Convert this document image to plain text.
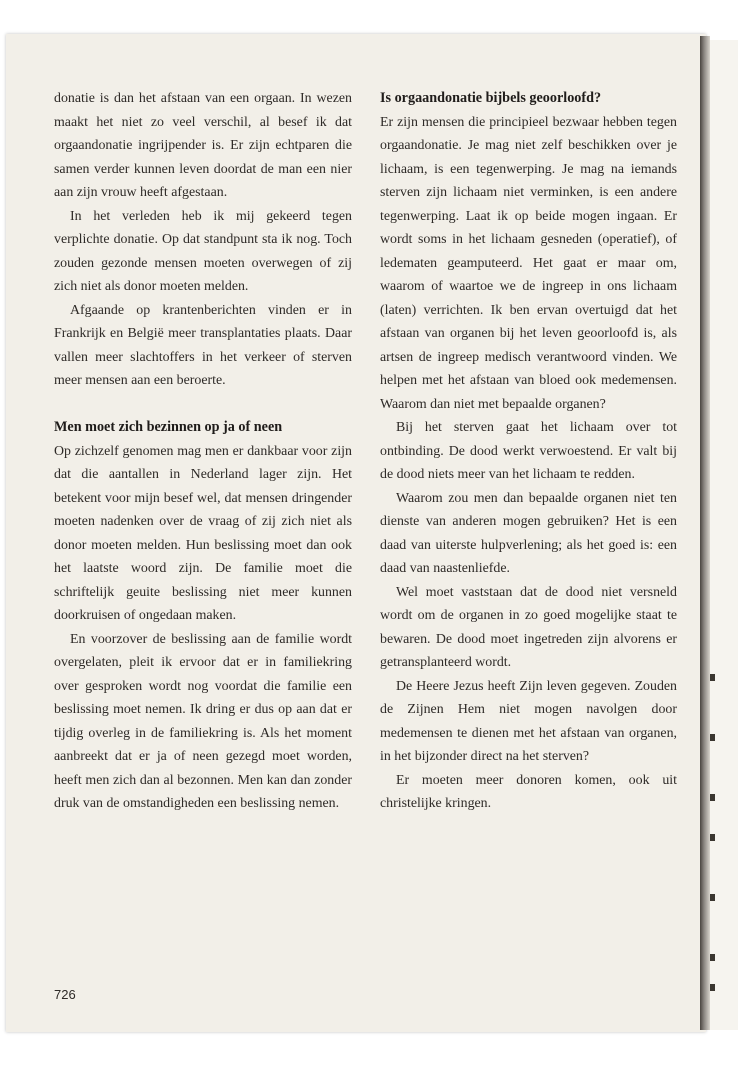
donatie is dan het afstaan van een orgaan. In wezen maakt het niet zo veel verschil, al besef ik dat orgaandonatie ingrijpender is. Er zijn echtparen die samen verder kunnen leven doordat de man een nier aan zijn vrouw heeft afgestaan.

In het verleden heb ik mij gekeerd tegen verplichte donatie. Op dat standpunt sta ik nog. Toch zouden gezonde mensen moeten overwegen of zij zich niet als donor moeten melden.

Afgaande op krantenberichten vinden er in Frankrijk en België meer transplantaties plaats. Daar vallen meer slachtoffers in het verkeer of sterven meer mensen aan een beroerte.

Men moet zich bezinnen op ja of neen

Op zichzelf genomen mag men er dankbaar voor zijn dat die aantallen in Nederland lager zijn. Het betekent voor mijn besef wel, dat mensen dringender moeten nadenken over de vraag of zij zich niet als donor moeten melden. Hun beslissing moet dan ook het laatste woord zijn. De familie moet die schriftelijk geuite beslissing niet meer kunnen doorkruisen of ongedaan maken.

En voorzover de beslissing aan de familie wordt overgelaten, pleit ik ervoor dat er in familiekring over gesproken wordt nog voordat die familie een beslissing moet nemen. Ik dring er dus op aan dat er tijdig overleg in de familiekring is. Als het moment aanbreekt dat er ja of neen gezegd moet worden, heeft men zich dan al bezonnen. Men kan dan zonder druk van de omstandigheden een beslissing nemen.

Is orgaandonatie bijbels geoorloofd?

Er zijn mensen die principieel bezwaar hebben tegen orgaandonatie. Je mag niet zelf beschikken over je lichaam, is een tegenwerping. Je mag na iemands sterven zijn lichaam niet verminken, is een andere tegenwerping. Laat ik op beide mogen ingaan. Er wordt soms in het lichaam gesneden (operatief), of ledematen geamputeerd. Het gaat er maar om, waarom of waartoe we de ingreep in ons lichaam (laten) verrichten. Ik ben ervan overtuigd dat het afstaan van organen bij het leven geoorloofd is, als artsen de ingreep medisch verantwoord vinden. We helpen met het afstaan van bloed ook medemensen. Waarom dan niet met bepaalde organen?

Bij het sterven gaat het lichaam over tot ontbinding. De dood werkt verwoestend. Er valt bij de dood niets meer van het lichaam te redden.

Waarom zou men dan bepaalde organen niet ten dienste van anderen mogen gebruiken? Het is een daad van uiterste hulpverlening; als het goed is: een daad van naastenliefde.

Wel moet vaststaan dat de dood niet versneld wordt om de organen in zo goed mogelijke staat te bewaren. De dood moet ingetreden zijn alvorens er getransplanteerd wordt.

De Heere Jezus heeft Zijn leven gegeven. Zouden de Zijnen Hem niet mogen navolgen door medemensen te dienen met het afstaan van organen, in het bijzonder direct na het sterven?

Er moeten meer donoren komen, ook uit christelijke kringen.

726
